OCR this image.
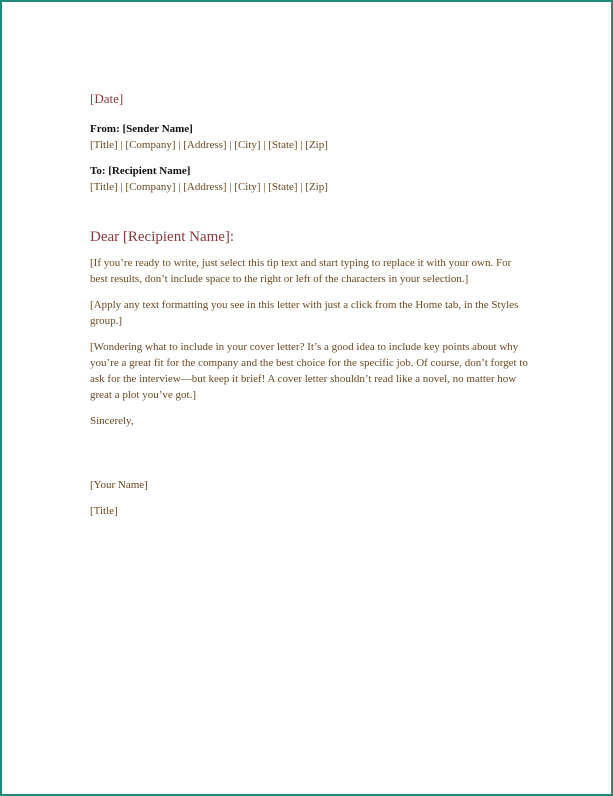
[Date]

From: [Sender Name]

[Title] | [Company] | [Address] | [City] | [State] | [Zip]

To: [Recipient Name]

[Title] | [Company] | [Address] | [City] | [State] | [Zip]

Dear [Recipient Name]:

[If you’re ready to write, just select this tip text and start typing to replace it with your own. For best results, don’t include space to the right or left of the characters in your selection.]

[Apply any text formatting you see in this letter with just a click from the Home tab, in the Styles group.]

[Wondering what to include in your cover letter? It’s a good idea to include key points about why you’re a great fit for the company and the best choice for the specific job. Of course, don’t forget to ask for the interview—but keep it brief! A cover letter shouldn’t read like a novel, no matter how great a plot you’ve got.]

Sincerely,

[Your Name]

[Title]
